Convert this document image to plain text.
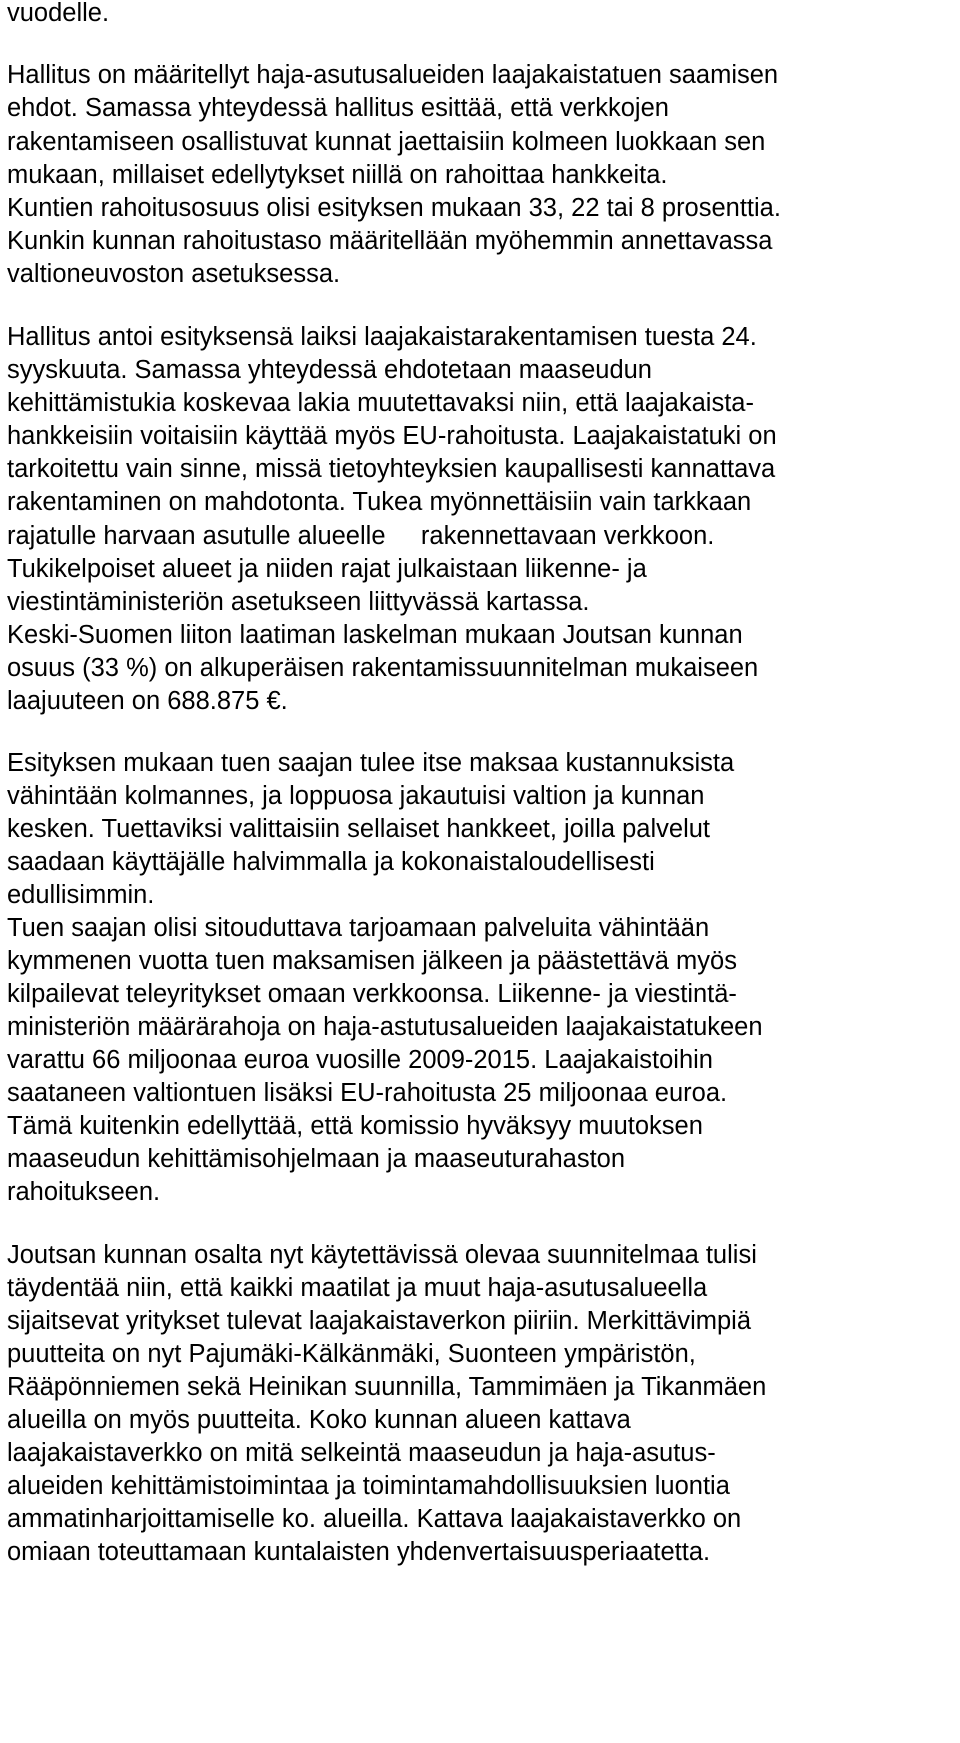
vuodelle.

Hallitus on määritellyt haja-asutusalueiden laajakaistatuen saamisen

ehdot. Samassa yhteydessä hallitus esittää, että verkkojen

rakentamiseen osallistuvat kunnat jaettaisiin kolmeen luokkaan sen

mukaan, millaiset edellytykset niillä on rahoittaa hankkeita.

Kuntien rahoitusosuus olisi esityksen mukaan 33, 22 tai 8 prosenttia.

Kunkin kunnan rahoitustaso määritellään myöhemmin annettavassa

valtioneuvoston asetuksessa.

Hallitus antoi esityksensä laiksi laajakaistarakentamisen tuesta 24.

syyskuuta. Samassa yhteydessä ehdotetaan maaseudun

kehittämistukia koskevaa lakia muutettavaksi niin, että laajakaista-

hankkeisiin voitaisiin käyttää myös EU-rahoitusta. Laajakaistatuki on

tarkoitettu vain sinne, missä tietoyhteyksien kaupallisesti kannattava

rakentaminen on mahdotonta. Tukea myönnettäisiin vain tarkkaan

rajatulle harvaan asutulle alueelle     rakennettavaan verkkoon.

Tukikelpoiset alueet ja niiden rajat julkaistaan liikenne- ja

viestintäministeriön asetukseen liittyvässä kartassa.

Keski-Suomen liiton laatiman laskelman mukaan Joutsan kunnan

osuus (33 %) on alkuperäisen rakentamissuunnitelman mukaiseen

laajuuteen on 688.875 €.

Esityksen mukaan tuen saajan tulee itse maksaa kustannuksista

vähintään kolmannes, ja loppuosa jakautuisi valtion ja kunnan

kesken. Tuettaviksi valittaisiin sellaiset hankkeet, joilla palvelut

saadaan käyttäjälle halvimmalla ja kokonaistaloudellisesti

edullisimmin.

Tuen saajan olisi sitouduttava tarjoamaan palveluita vähintään

kymmenen vuotta tuen maksamisen jälkeen ja päästettävä myös

kilpailevat teleyritykset omaan verkkoonsa. Liikenne- ja viestintä-

ministeriön määrärahoja on haja-astutusalueiden laajakaistatukeen

varattu 66 miljoonaa euroa vuosille 2009-2015. Laajakaistoihin

saataneen valtiontuen lisäksi EU-rahoitusta 25 miljoonaa euroa.

Tämä kuitenkin edellyttää, että komissio hyväksyy muutoksen

maaseudun kehittämisohjelmaan ja maaseuturahaston

rahoitukseen.

Joutsan kunnan osalta nyt käytettävissä olevaa suunnitelmaa tulisi

täydentää niin, että kaikki maatilat ja muut haja-asutusalueella

sijaitsevat yritykset tulevat laajakaistaverkon piiriin. Merkittävimpiä

puutteita on nyt Pajumäki-Kälkänmäki, Suonteen ympäristön,

Rääpönniemen sekä Heinikan suunnilla, Tammimäen ja Tikanmäen

alueilla on myös puutteita. Koko kunnan alueen kattava

laajakaistaverkko on mitä selkeintä maaseudun ja haja-asutus-

alueiden kehittämistoimintaa ja toimintamahdollisuuksien luontia

ammatinharjoittamiselle ko. alueilla. Kattava laajakaistaverkko on

omiaan toteuttamaan kuntalaisten yhdenvertaisuusperiaatetta.
